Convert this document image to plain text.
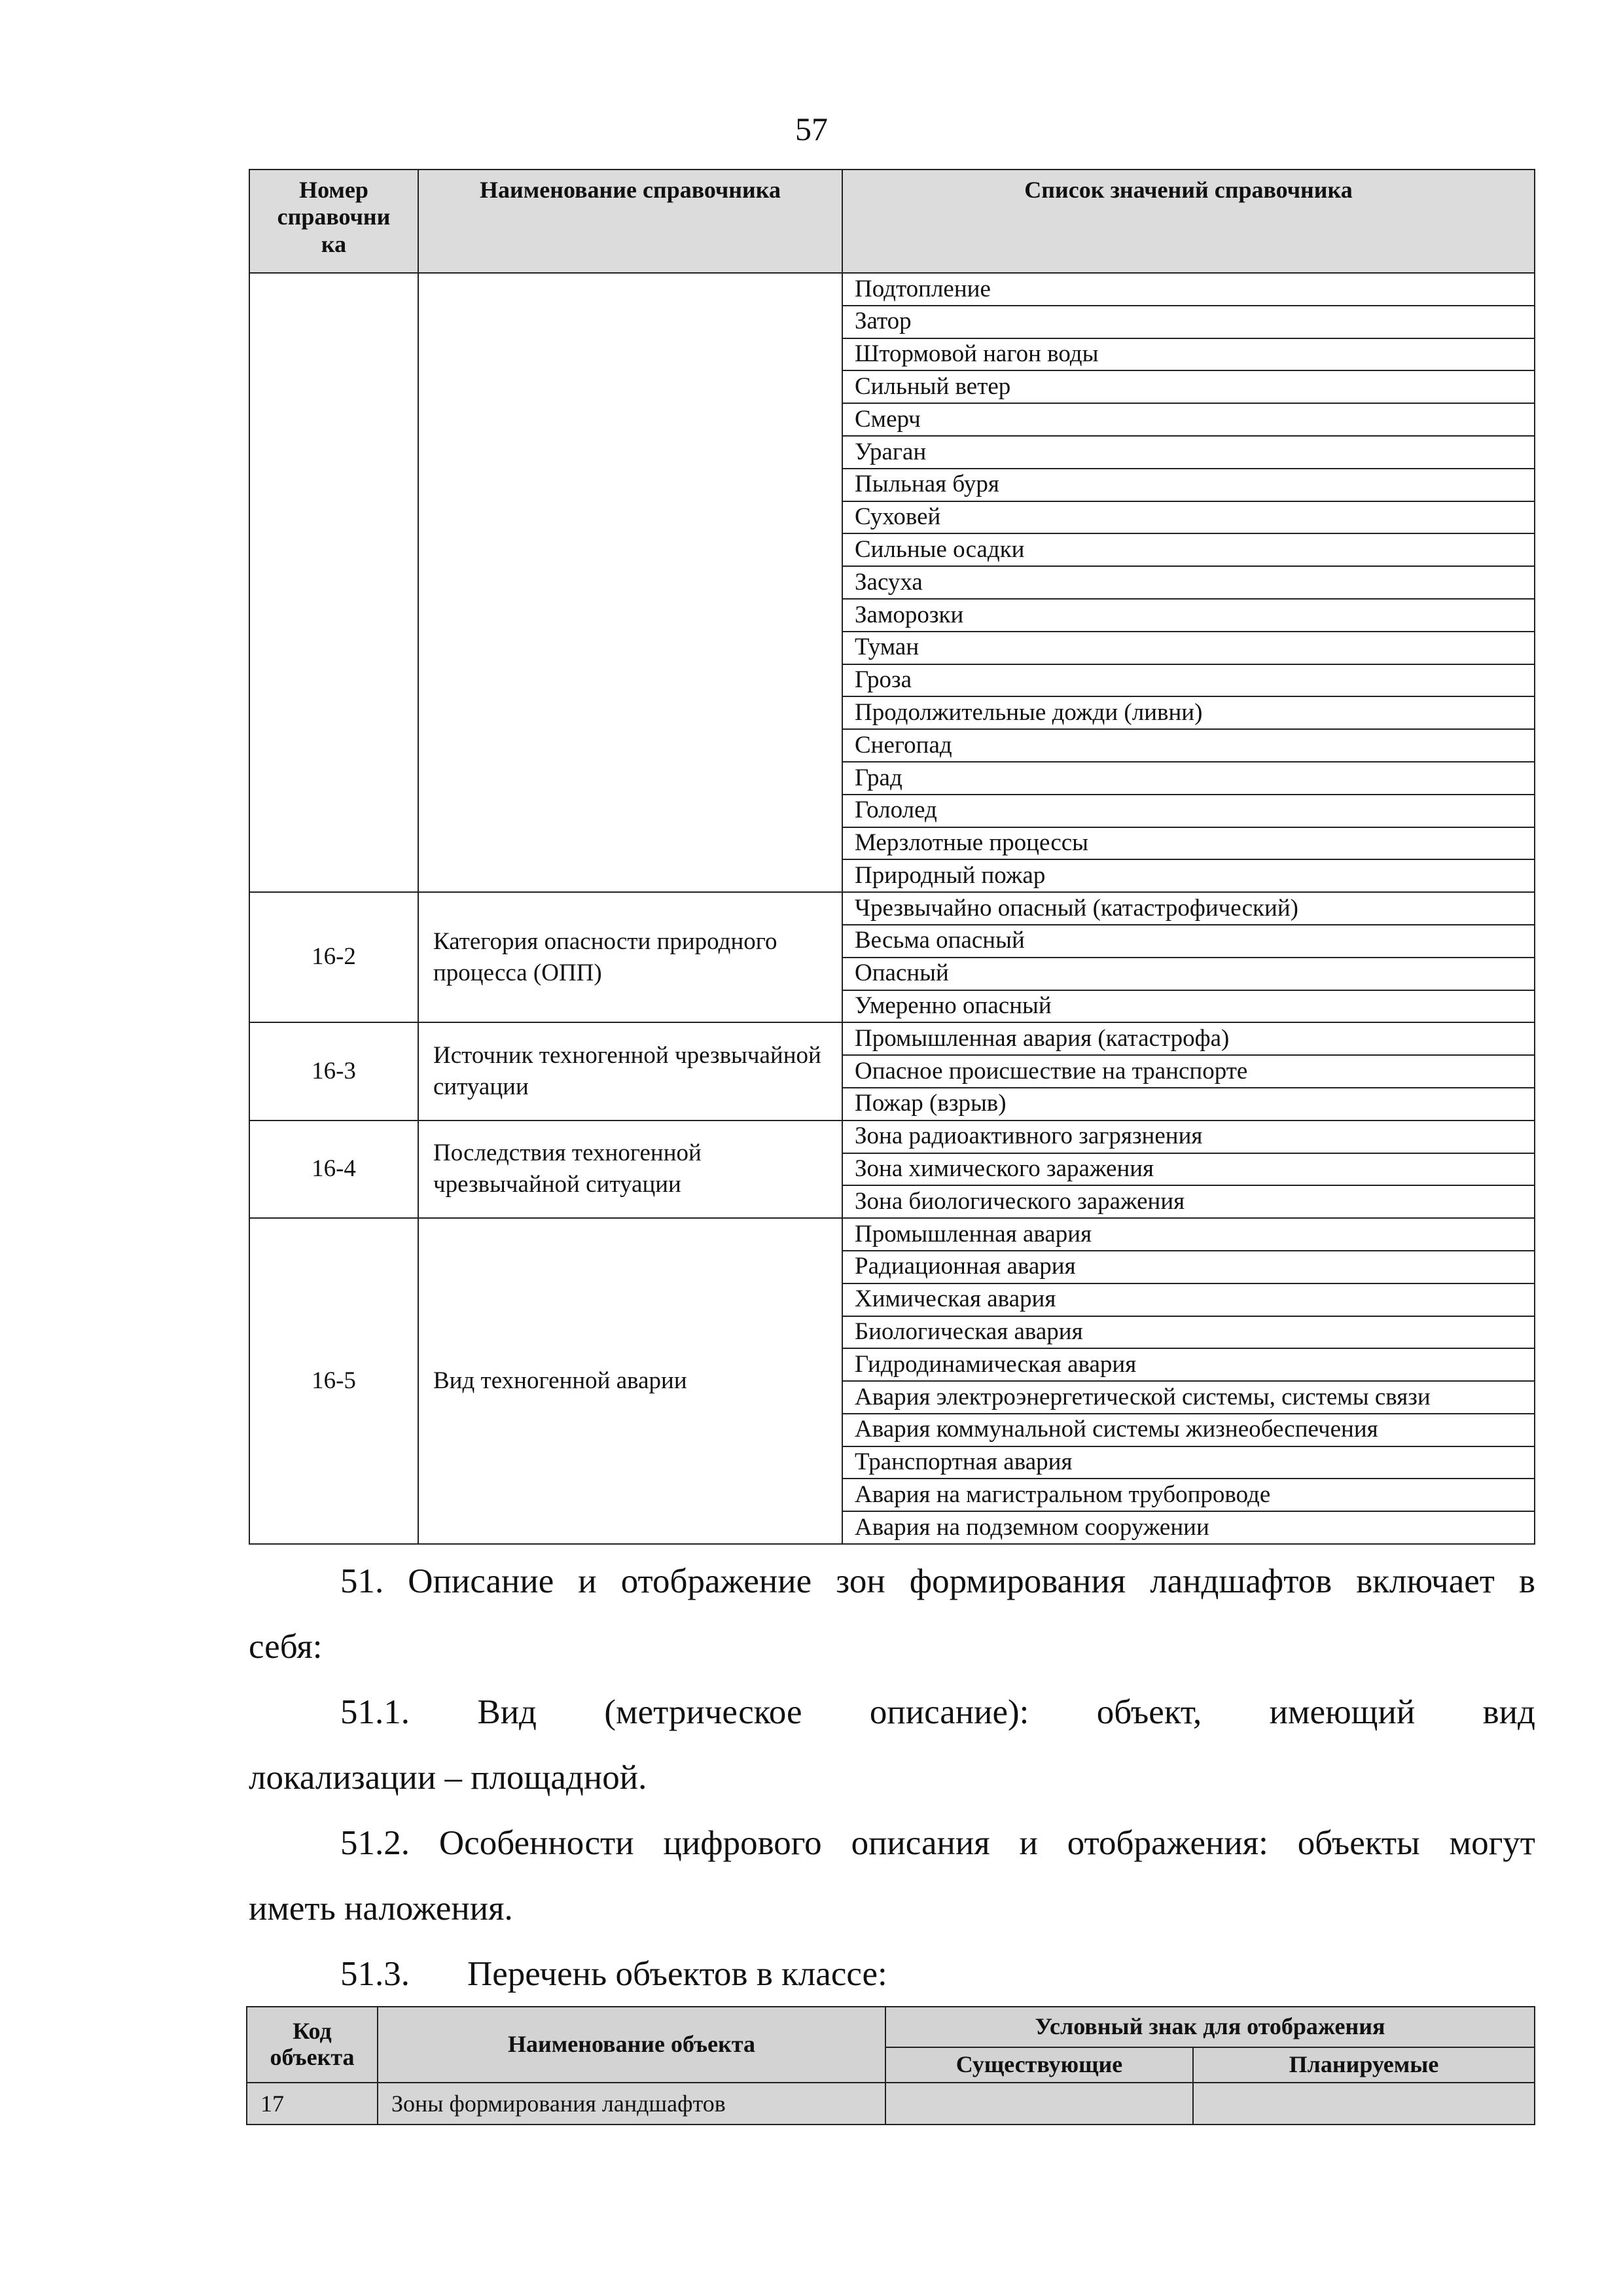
57
Номер
справочни
ка	Наименование справочника	Список значений справочника
		Подтопление
		Затор
		Штормовой нагон воды
		Сильный ветер
		Смерч
		Ураган
		Пыльная буря
		Суховей
		Сильные осадки
		Засуха
		Заморозки
		Туман
		Гроза
		Продолжительные дожди (ливни)
		Снегопад
		Град
		Гололед
		Мерзлотные процессы
		Природный пожар
16-2	Категория опасности природного процесса (ОПП)	Чрезвычайно опасный (катастрофический)
		Весьма опасный
		Опасный
		Умеренно опасный
16-3	Источник техногенной чрезвычайной ситуации	Промышленная авария (катастрофа)
		Опасное происшествие на транспорте
		Пожар (взрыв)
16-4	Последствия техногенной чрезвычайной ситуации	Зона радиоактивного загрязнения
		Зона химического заражения
		Зона биологического заражения
16-5	Вид техногенной аварии	Промышленная авария
		Радиационная авария
		Химическая авария
		Биологическая авария
		Гидродинамическая авария
		Авария электроэнергетической системы, системы связи
		Авария коммунальной системы жизнеобеспечения
		Транспортная авария
		Авария на магистральном трубопроводе
		Авария на подземном сооружении
51. Описание и отображение зон формирования ландшафтов включает в
себя:
51.1. Вид (метрическое описание): объект, имеющий вид
локализации – площадной.
51.2. Особенности цифрового описания и отображения: объекты могут
иметь наложения.
51.3. Перечень объектов в классе:
Код
объекта	Наименование объекта	Условный знак для отображения	
		Существующие	Планируемые
17	Зоны формирования ландшафтов		
